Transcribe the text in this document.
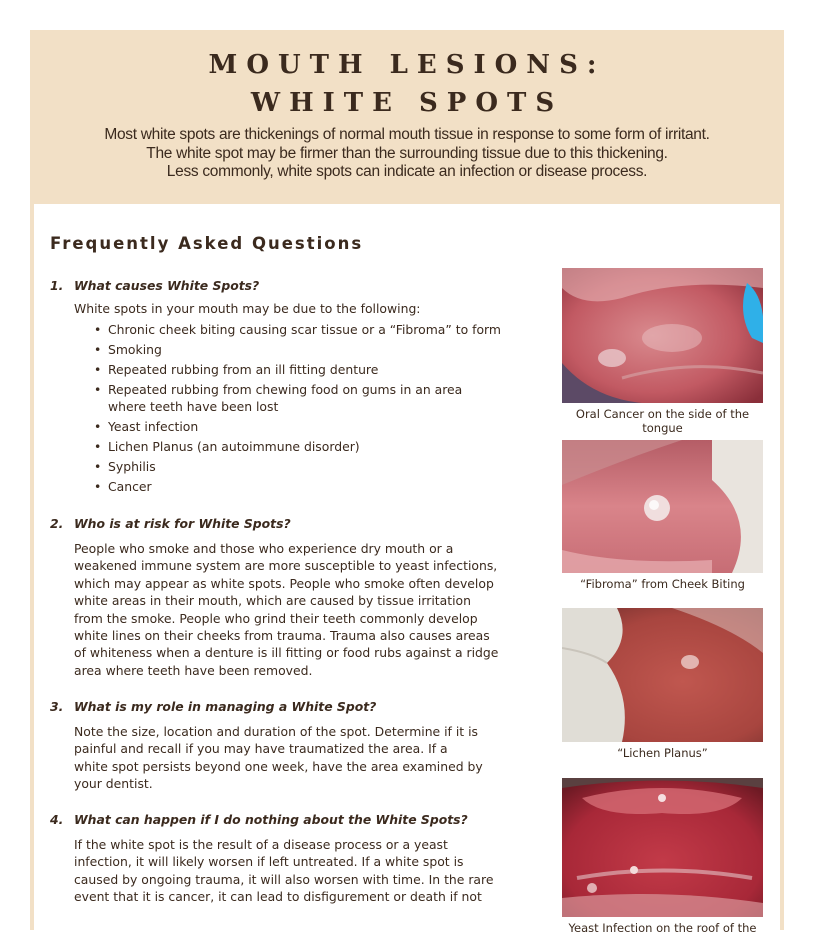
MOUTH LESIONS:
WHITE SPOTS
Most white spots are thickenings of normal mouth tissue in response to some form of irritant.
The white spot may be firmer than the surrounding tissue due to this thickening.
Less commonly, white spots can indicate an infection or disease process.
Frequently Asked Questions
1. What causes White Spots?
White spots in your mouth may be due to the following:
• Chronic cheek biting causing scar tissue or a “Fibroma” to form
• Smoking
• Repeated rubbing from an ill fitting denture
• Repeated rubbing from chewing food on gums in an area where teeth have been lost
• Yeast infection
• Lichen Planus (an autoimmune disorder)
• Syphilis
• Cancer
2. Who is at risk for White Spots?
People who smoke and those who experience dry mouth or a weakened immune system are more susceptible to yeast infections, which may appear as white spots. People who smoke often develop white areas in their mouth, which are caused by tissue irritation from the smoke. People who grind their teeth commonly develop white lines on their cheeks from trauma. Trauma also causes areas of whiteness when a denture is ill fitting or food rubs against a ridge area where teeth have been removed.
3. What is my role in managing a White Spot?
Note the size, location and duration of the spot. Determine if it is painful and recall if you may have traumatized the area. If a white spot persists beyond one week, have the area examined by your dentist.
4. What can happen if I do nothing about the White Spots?
If the white spot is the result of a disease process or a yeast infection, it will likely worsen if left untreated. If a white spot is caused by ongoing trauma, it will also worsen with time. In the rare event that it is cancer, it can lead to disfigurement or death if not
Oral Cancer on the side of the tongue
“Fibroma” from Cheek Biting
“Lichen Planus”
Yeast Infection on the roof of the
